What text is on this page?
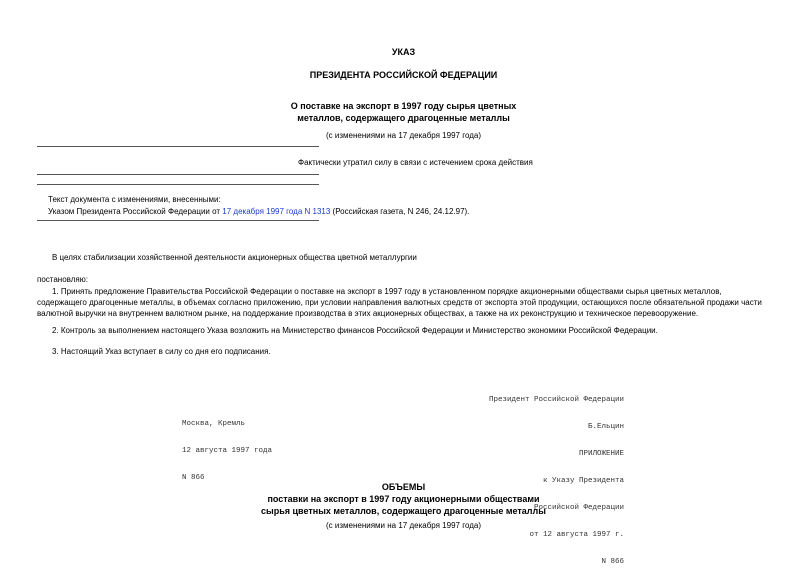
УКАЗ
ПРЕЗИДЕНТА РОССИЙСКОЙ ФЕДЕРАЦИИ
О поставке на экспорт в 1997 году сырья цветных
металлов, содержащего драгоценные металлы
(с изменениями на 17 декабря 1997 года)
Фактически утратил силу в связи с истечением срока действия
Текст документа с изменениями, внесенными:
Указом Президента Российской Федерации от 17 декабря 1997 года N 1313 (Российская газета, N 246, 24.12.97).
В целях стабилизации хозяйственной деятельности акционерных общества цветной металлургии
постановляю:
1. Принять предложение Правительства Российской Федерации о поставке на экспорт в 1997 году в установленном порядке акционерными обществами сырья цветных металлов, содержащего драгоценные металлы, в объемах согласно приложению, при условии направления валютных средств от экспорта этой продукции, остающихся после обязательной продажи части валютной выручки на внутреннем валютном рынке, на поддержание производства в этих акционерных обществах, а также на их реконструкцию и техническое перевооружение.
2. Контроль за выполнением настоящего Указа возложить на Министерство финансов Российской Федерации и Министерство экономики Российской Федерации.
3. Настоящий Указ вступает в силу со дня его подписания.

Президент Российской Федерации

Б.Ельцин

Москва, Кремль

12 августа 1997 года

N 866

ПРИЛОЖЕНИЕ

к Указу Президента

Российской Федерации

от 12 августа 1997 г.

N 866

ОБЪЕМЫ
поставки на экспорт в 1997 году акционерными обществами
сырья цветных металлов, содержащего драгоценные металлы
(с изменениями на 17 декабря 1997 года)
